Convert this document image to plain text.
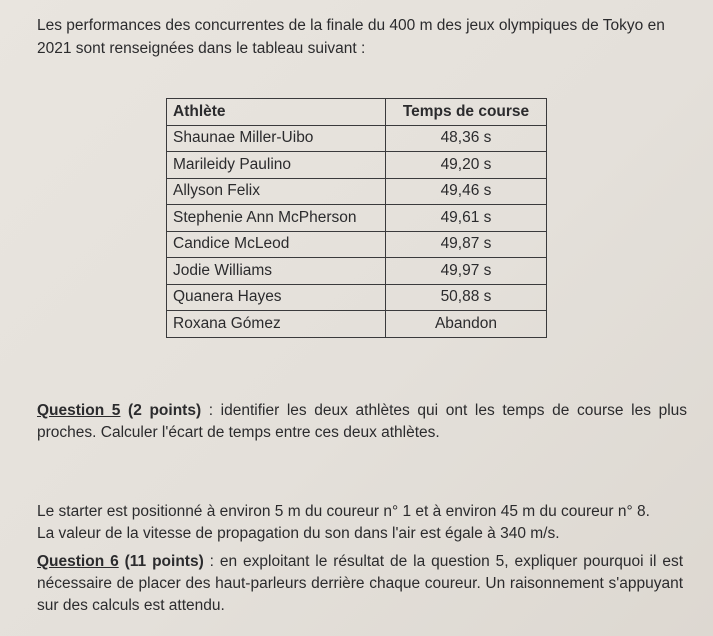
Les performances des concurrentes de la finale du 400 m des jeux olympiques de Tokyo en 2021 sont renseignées dans le tableau suivant :

Athlète	Temps de course
Shaunae Miller-Uibo	48,36 s
Marileidy Paulino	49,20 s
Allyson Felix	49,46 s
Stephenie Ann McPherson	49,61 s
Candice McLeod	49,87 s
Jodie Williams	49,97 s
Quanera Hayes	50,88 s
Roxana Gómez	Abandon

Question 5 (2 points) : identifier les deux athlètes qui ont les temps de course les plus proches. Calculer l'écart de temps entre ces deux athlètes.

Le starter est positionné à environ 5 m du coureur n° 1 et à environ 45 m du coureur n° 8.
La valeur de la vitesse de propagation du son dans l'air est égale à 340 m/s.

Question 6 (11 points) : en exploitant le résultat de la question 5, expliquer pourquoi il est nécessaire de placer des haut-parleurs derrière chaque coureur. Un raisonnement s'appuyant sur des calculs est attendu.
